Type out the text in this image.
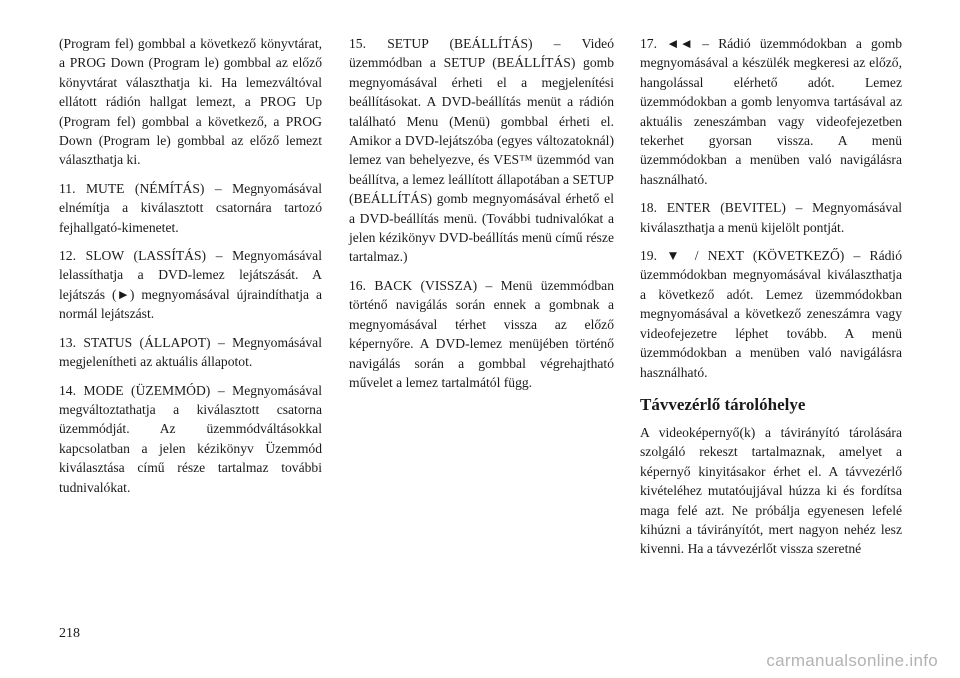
(Program fel) gombbal a következő könyvtárat, a PROG Down (Program le) gombbal az előző könyvtárat választhatja ki. Ha lemezváltóval ellátott rádión hallgat lemezt, a PROG Up (Program fel) gombbal a következő, a PROG Down (Program le) gombbal az előző lemezt választhatja ki.

11. MUTE (NÉMÍTÁS) – Megnyomásával elnémítja a kiválasztott csatornára tartozó fejhallgató-kimenetet.

12. SLOW (LASSÍTÁS) – Megnyomásával lelassíthatja a DVD-lemez lejátszását. A lejátszás (►) megnyomásával újraindíthatja a normál lejátszást.

13. STATUS (ÁLLAPOT) – Megnyomásával megjelenítheti az aktuális állapotot.

14. MODE (ÜZEMMÓD) – Megnyomásával megváltoztathatja a kiválasztott csatorna üzemmódját. Az üzemmódváltásokkal kapcsolatban a jelen kézikönyv Üzemmód kiválasztása című része tartalmaz további tudnivalókat.

15. SETUP (BEÁLLÍTÁS) – Videó üzemmódban a SETUP (BEÁLLÍTÁS) gomb megnyomásával érheti el a megjelenítési beállításokat. A DVD-beállítás menüt a rádión található Menu (Menü) gombbal érheti el. Amikor a DVD-lejátszóba (egyes változatoknál) lemez van behelyezve, és VES™ üzemmód van beállítva, a lemez leállított állapotában a SETUP (BEÁLLÍTÁS) gomb megnyomásával érhető el a DVD-beállítás menü. (További tudnivalókat a jelen kézikönyv DVD-beállítás menü című része tartalmaz.)

16. BACK (VISSZA) – Menü üzemmódban történő navigálás során ennek a gombnak a megnyomásával térhet vissza az előző képernyőre. A DVD-lemez menüjében történő navigálás során a gombbal végrehajtható művelet a lemez tartalmától függ.

17. ◄◄ – Rádió üzemmódokban a gomb megnyomásával a készülék megkeresi az előző, hangolással elérhető adót. Lemez üzemmódokban a gomb lenyomva tartásával az aktuális zeneszámban vagy videofejezetben tekerhet gyorsan vissza. A menü üzemmódokban a menüben való navigálásra használható.

18. ENTER (BEVITEL) – Megnyomásával kiválaszthatja a menü kijelölt pontját.

19. ▼ / NEXT (KÖVETKEZŐ) – Rádió üzemmódokban megnyomásával kiválaszthatja a következő adót. Lemez üzemmódokban megnyomásával a következő zeneszámra vagy videofejezetre léphet tovább. A menü üzemmódokban a menüben való navigálásra használható.

Távvezérlő tárolóhelye

A videoképernyő(k) a távirányító tárolására szolgáló rekeszt tartalmaznak, amelyet a képernyő kinyitásakor érhet el. A távvezérlő kivételéhez mutatóujjával húzza ki és fordítsa maga felé azt. Ne próbálja egyenesen lefelé kihúzni a távirányítót, mert nagyon nehéz lesz kivenni. Ha a távvezérlőt vissza szeretné

218
carmanualsonline.info
